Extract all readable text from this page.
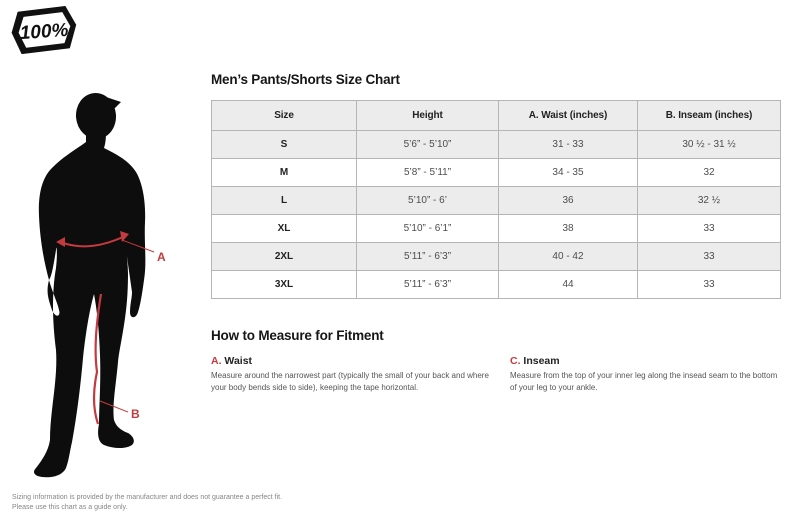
100%
A
B
Men’s Pants/Shorts Size Chart
Size	Height	A. Waist (inches)	B. Inseam (inches)
S	5’6” - 5’10”	31 - 33	30 ½ - 31 ½
M	5’8” - 5’11”	34 - 35	32
L	5’10” - 6’	36	32 ½
XL	5’10” - 6’1”	38	33
2XL	5’11” - 6’3”	40 - 42	33
3XL	5’11” - 6’3”	44	33
How to Measure for Fitment
A. Waist

Measure around the narrowest part (typically the small of your back and where your body bends side to side), keeping the tape horizontal.

C. Inseam

Measure from the top of your inner leg along the insead seam to the bottom of your leg to your ankle.

Sizing information is provided by the manufacturer and does not guarantee a perfect fit.

Please use this chart as a guide only.
